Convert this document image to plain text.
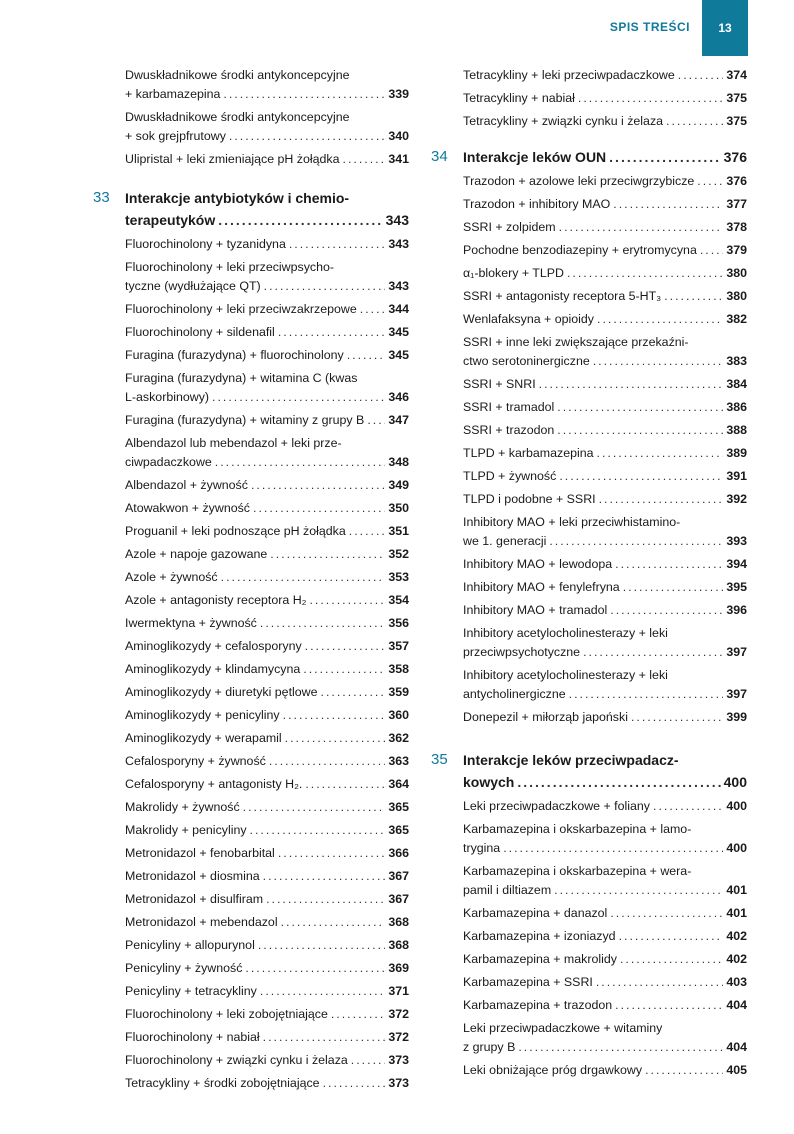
SPIS TREŚCI	13
Dwuskładnikowe środki antykoncepcyjne
+ karbamazepina .....	339
Dwuskładnikowe środki antykoncepcyjne
+ sok grejpfrutowy .....	340
Ulipristal + leki zmieniające pH żołądka .....	341
33 Interakcje antybiotyków i chemio-
terapeutyków .....	343
Fluorochinolony + tyzanidyna .....	343
Fluorochinolony + leki przeciwpsycho-
tyczne (wydłużające QT) .....	343
Fluorochinolony + leki przeciwzakrzepowe .....	344
Fluorochinolony + sildenafil .....	345
Furagina (furazydyna) + fluorochinolony .....	345
Furagina (furazydyna) + witamina C (kwas
L-askorbinowy) .....	346
Furagina (furazydyna) + witaminy z grupy B ..... 347
Albendazol lub mebendazol + leki prze-
ciwpadaczkowe .....	348
Albendazol + żywność .....	349
Atowakwon + żywność .....	350
Proguanil + leki podnoszące pH żołądka .....	351
Azole + napoje gazowane .....	352
Azole + żywność .....	353
Azole + antagonisty receptora H₂ .....	354
Iwermektyna + żywność .....	356
Aminoglikozydy + cefalosporyny .....	357
Aminoglikozydy + klindamycyna .....	358
Aminoglikozydy + diuretyki pętlowe .....	359
Aminoglikozydy + penicyliny .....	360
Aminoglikozydy + werapamil .....	362
Cefalosporyny + żywność .....	363
Cefalosporyny + antagonisty H₂. .....	364
Makrolidy + żywność .....	365
Makrolidy + penicyliny .....	365
Metronidazol + fenobarbital .....	366
Metronidazol + diosmina .....	367
Metronidazol + disulfiram .....	367
Metronidazol + mebendazol .....	368
Penicyliny + allopurynol .....	368
Penicyliny + żywność .....	369
Penicyliny + tetracykliny .....	371
Fluorochinolony + leki zobojętniające .....	372
Fluorochinolony + nabiał .....	372
Fluorochinolony + związki cynku i żelaza .....	373
Tetracykliny + środki zobojętniające .....	373
Tetracykliny + leki przeciwpadaczkowe .....	374
Tetracykliny + nabiał .....	375
Tetracykliny + związki cynku i żelaza .....	375
34 Interakcje leków OUN .....	376
Trazodon + azolowe leki przeciwgrzybicze .....	376
Trazodon + inhibitory MAO .....	377
SSRI + zolpidem .....	378
Pochodne benzodiazepiny + erytromycyna ..... 379
α₁-blokery + TLPD .....	380
SSRI + antagonisty receptora 5-HT₃ .....	380
Wenlafaksyna + opioidy .....	382
SSRI + inne leki zwiększające przekaźni-
ctwo serotoninergiczne .....	383
SSRI + SNRI .....	384
SSRI + tramadol .....	386
SSRI + trazodon .....	388
TLPD + karbamazepina .....	389
TLPD + żywność .....	391
TLPD i podobne + SSRI .....	392
Inhibitory MAO + leki przeciwhistamino-
we 1. generacji .....	393
Inhibitory MAO + lewodopa .....	394
Inhibitory MAO + fenylefryna .....	395
Inhibitory MAO + tramadol .....	396
Inhibitory acetylocholinesterazy + leki
przeciwpsychotyczne .....	397
Inhibitory acetylocholinesterazy + leki
antycholinergiczne .....	397
Donepezil + miłorząb japoński .....	399
35 Interakcje leków przeciwpadacz-
kowych .....	400
Leki przeciwpadaczkowe + foliany .....	400
Karbamazepina i okskarbazepina + lamo-
trygina .....	400
Karbamazepina i okskarbazepina + wera-
pamil i diltiazem .....	401
Karbamazepina + danazol .....	401
Karbamazepina + izoniazyd .....	402
Karbamazepina + makrolidy .....	402
Karbamazepina + SSRI .....	403
Karbamazepina + trazodon .....	404
Leki przeciwpadaczkowe + witaminy
z grupy B .....	404
Leki obniżające próg drgawkowy .....	405
